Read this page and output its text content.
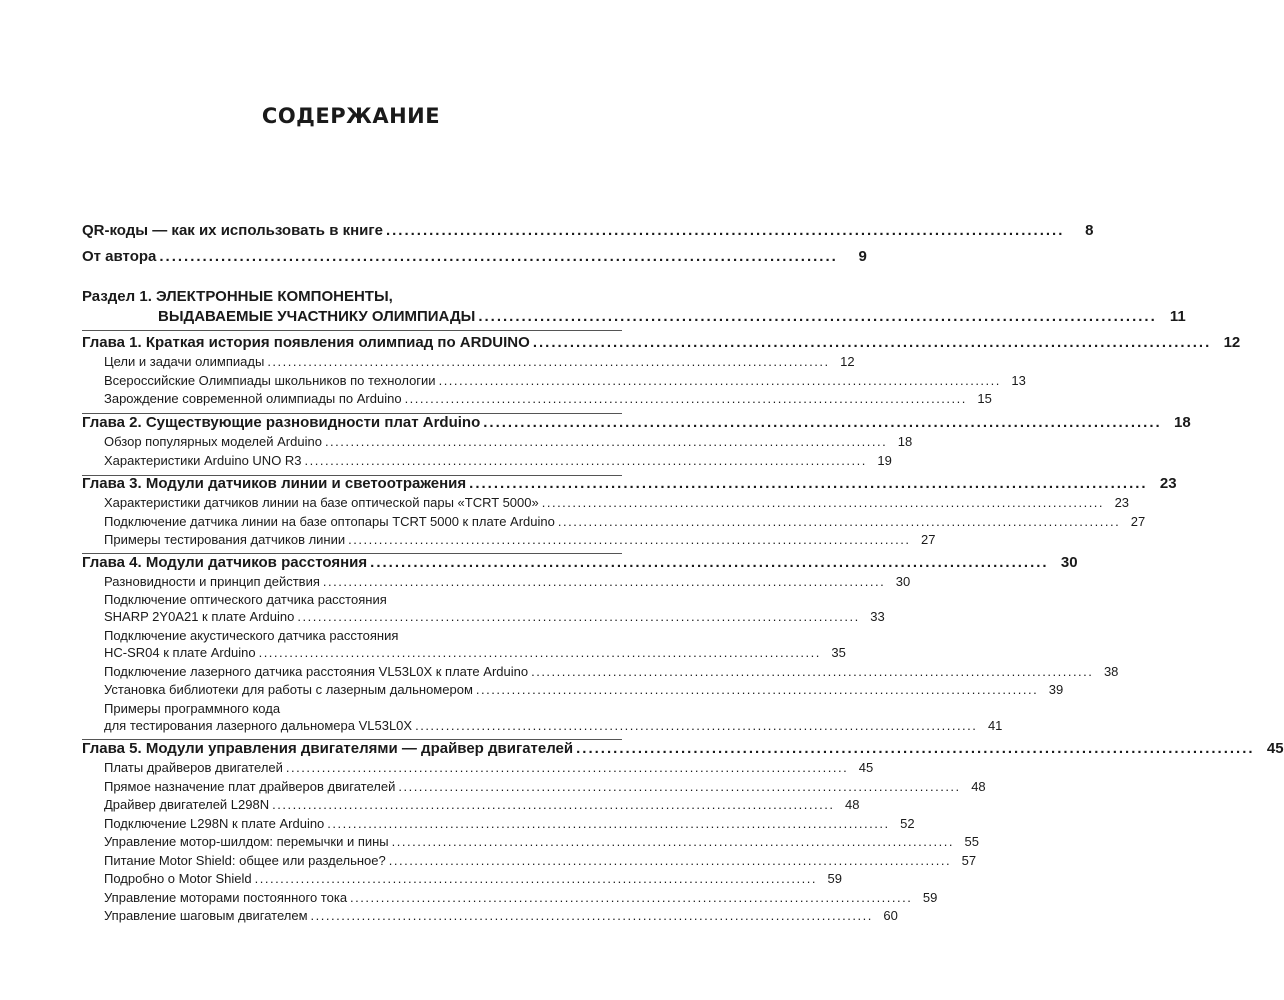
СОДЕРЖАНИЕ
QR-коды — как их использовать в книге ..............................................................................................................	8
От автора ..............................................................................................................	9
Раздел 1. ЭЛЕКТРОННЫЕ КОМПОНЕНТЫ,
ВЫДАВАЕМЫЕ УЧАСТНИКУ ОЛИМПИАДЫ .............................................................................................................. 11
Глава 1. Краткая история появления олимпиад по ARDUINO .............................................................................................................. 12
Цели и задачи олимпиады .............................................................................................................. 12
Всероссийские Олимпиады школьников по технологии .............................................................................................................. 13
Зарождение современной олимпиады по Arduino .............................................................................................................. 15
Глава 2. Существующие разновидности плат Arduino .............................................................................................................. 18
Обзор популярных моделей Arduino .............................................................................................................. 18
Характеристики Arduino UNO R3 .............................................................................................................. 19
Глава 3. Модули датчиков линии и светоотражения .............................................................................................................. 23
Характеристики датчиков линии на базе оптической пары «TCRT 5000» .............................................................................................................. 23
Подключение датчика линии на базе оптопары TCRT 5000 к плате Arduino .............................................................................................................. 27
Примеры тестирования датчиков линии .............................................................................................................. 27
Глава 4. Модули датчиков расстояния .............................................................................................................. 30
Разновидности и принцип действия .............................................................................................................. 30
Подключение оптического датчика расстояния
SHARP 2Y0A21 к плате Arduino .............................................................................................................. 33
Подключение акустического датчика расстояния
HC-SR04 к плате Arduino .............................................................................................................. 35
Подключение лазерного датчика расстояния VL53L0X к плате Arduino .............................................................................................................. 38
Установка библиотеки для работы с лазерным дальномером .............................................................................................................. 39
Примеры программного кода
для тестирования лазерного дальномера VL53L0X .............................................................................................................. 41
Глава 5. Модули управления двигателями — драйвер двигателей .............................................................................................................. 45
Платы драйверов двигателей .............................................................................................................. 45
Прямое назначение плат драйверов двигателей .............................................................................................................. 48
Драйвер двигателей L298N .............................................................................................................. 48
Подключение L298N к плате Arduino .............................................................................................................. 52
Управление мотор-шилдом: перемычки и пины .............................................................................................................. 55
Питание Motor Shield: общее или раздельное? .............................................................................................................. 57
Подробно о Motor Shield .............................................................................................................. 59
Управление моторами постоянного тока .............................................................................................................. 59
Управление шаговым двигателем .............................................................................................................. 60
